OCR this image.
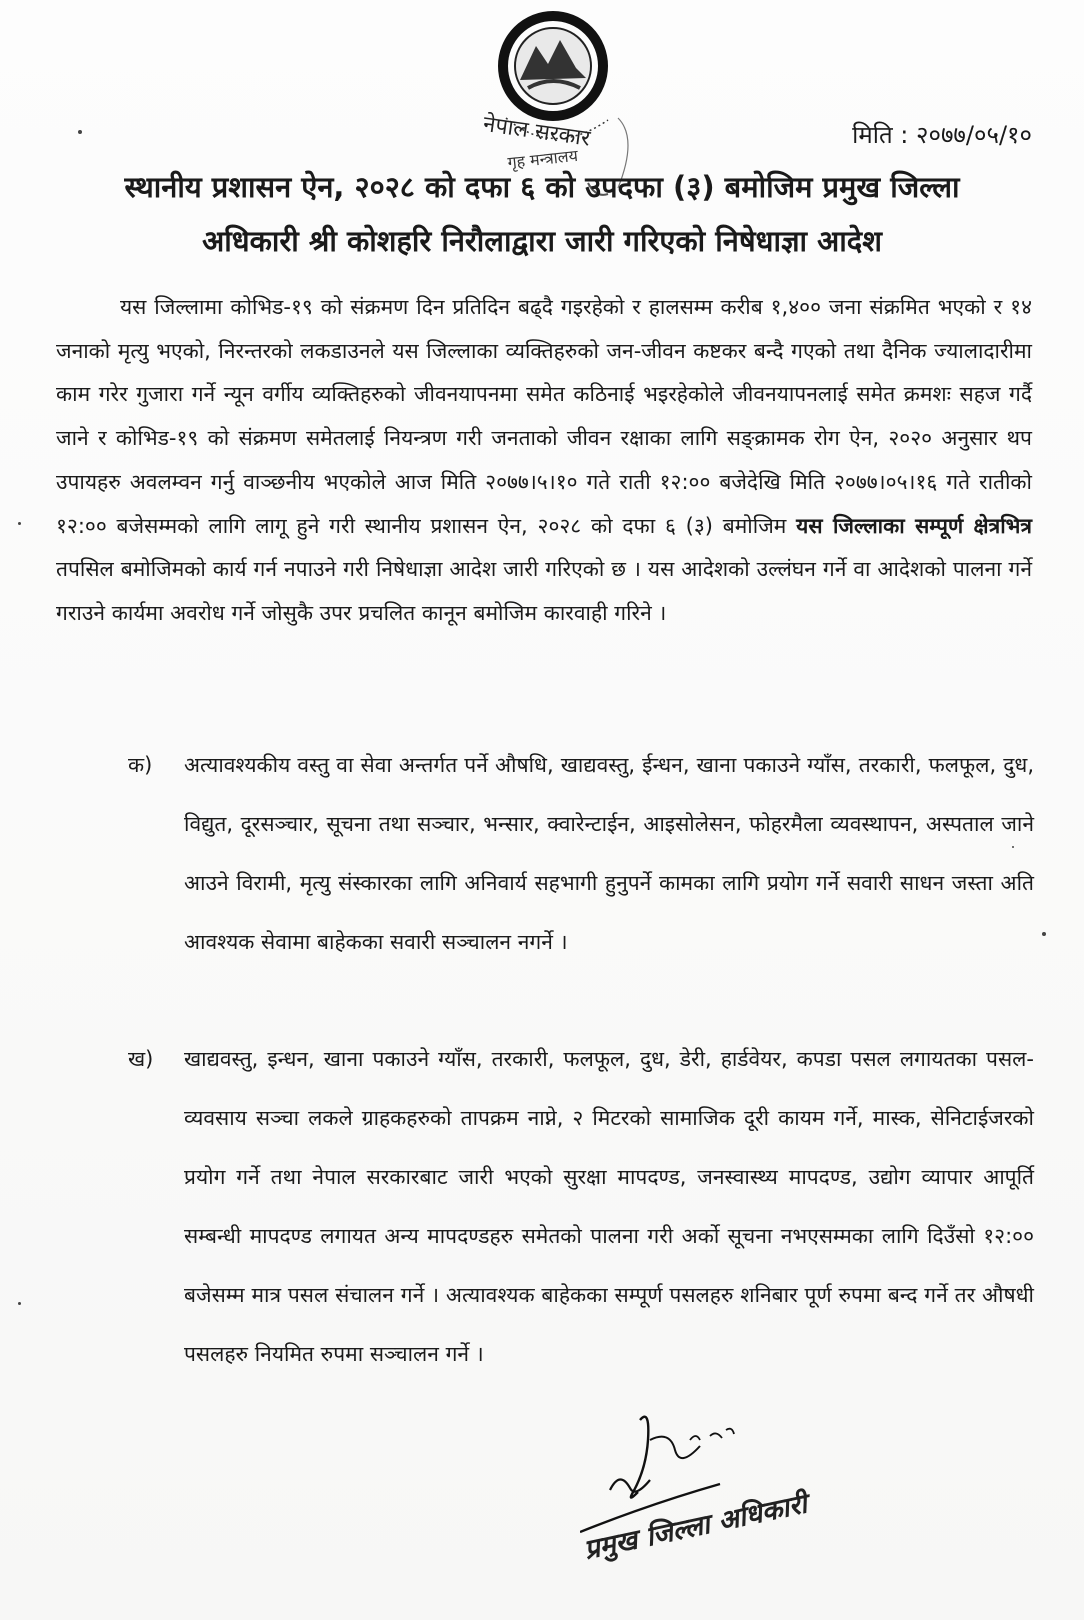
नेपाल सरकार
गृह मन्त्रालय
मिति : २०७७/०५/१०
स्थानीय प्रशासन ऐन, २०२८ को दफा ६ को उपदफा (३) बमोजिम प्रमुख जिल्ला
अधिकारी श्री कोशहरि निरौलाद्वारा जारी गरिएको निषेधाज्ञा आदेश
यस जिल्लामा कोभिड-१९ को संक्रमण दिन प्रतिदिन बढ्दै गइरहेको र हालसम्म करीब १,४०० जना संक्रमित भएको र १४ जनाको मृत्यु भएको, निरन्तरको लकडाउनले यस जिल्लाका व्यक्तिहरुको जन-जीवन कष्टकर बन्दै गएको तथा दैनिक ज्यालादारीमा काम गरेर गुजारा गर्ने न्यून वर्गीय व्यक्तिहरुको जीवनयापनमा समेत कठिनाई भइरहेकोले जीवनयापनलाई समेत क्रमशः सहज गर्दै जाने र कोभिड-१९ को संक्रमण समेतलाई नियन्त्रण गरी जनताको जीवन रक्षाका लागि सङ्क्रामक रोग ऐन, २०२० अनुसार थप उपायहरु अवलम्वन गर्नु वाञ्छनीय भएकोले आज मिति २०७७।५।१० गते राती १२:०० बजेदेखि मिति २०७७।०५।१६ गते रातीको १२:०० बजेसम्मको लागि लागू हुने गरी स्थानीय प्रशासन ऐन, २०२८ को दफा ६ (३) बमोजिम यस जिल्लाका सम्पूर्ण क्षेत्रभित्र तपसिल बमोजिमको कार्य गर्न नपाउने गरी निषेधाज्ञा आदेश जारी गरिएको छ । यस आदेशको उल्लंघन गर्ने वा आदेशको पालना गर्ने गराउने कार्यमा अवरोध गर्ने जोसुकै उपर प्रचलित कानून बमोजिम कारवाही गरिने ।
क)	अत्यावश्यकीय वस्तु वा सेवा अन्तर्गत पर्ने औषधि, खाद्यवस्तु, ईन्धन, खाना पकाउने ग्याँस, तरकारी, फलफूल, दुध, विद्युत, दूरसञ्चार, सूचना तथा सञ्चार, भन्सार, क्वारेन्टाईन, आइसोलेसन, फोहरमैला व्यवस्थापन, अस्पताल जाने आउने विरामी, मृत्यु संस्कारका लागि अनिवार्य सहभागी हुनुपर्ने कामका लागि प्रयोग गर्ने सवारी साधन जस्ता अति आवश्यक सेवामा बाहेकका सवारी सञ्चालन नगर्ने ।
ख)	खाद्यवस्तु, इन्धन, खाना पकाउने ग्याँस, तरकारी, फलफूल, दुध, डेरी, हार्डवेयर, कपडा पसल लगायतका पसल-व्यवसाय सञ्चा लकले ग्राहकहरुको तापक्रम नाप्ने, २ मिटरको सामाजिक दूरी कायम गर्ने, मास्क, सेनिटाईजरको प्रयोग गर्ने तथा नेपाल सरकारबाट जारी भएको सुरक्षा मापदण्ड, जनस्वास्थ्य मापदण्ड, उद्योग व्यापार आपूर्ति सम्बन्धी मापदण्ड लगायत अन्य मापदण्डहरु समेतको पालना गरी अर्को सूचना नभएसम्मका लागि दिउँसो १२:०० बजेसम्म मात्र पसल संचालन गर्ने । अत्यावश्यक बाहेकका सम्पूर्ण पसलहरु शनिबार पूर्ण रुपमा बन्द गर्ने तर औषधी पसलहरु नियमित रुपमा सञ्चालन गर्ने ।
प्रमुख जिल्ला अधिकारी
